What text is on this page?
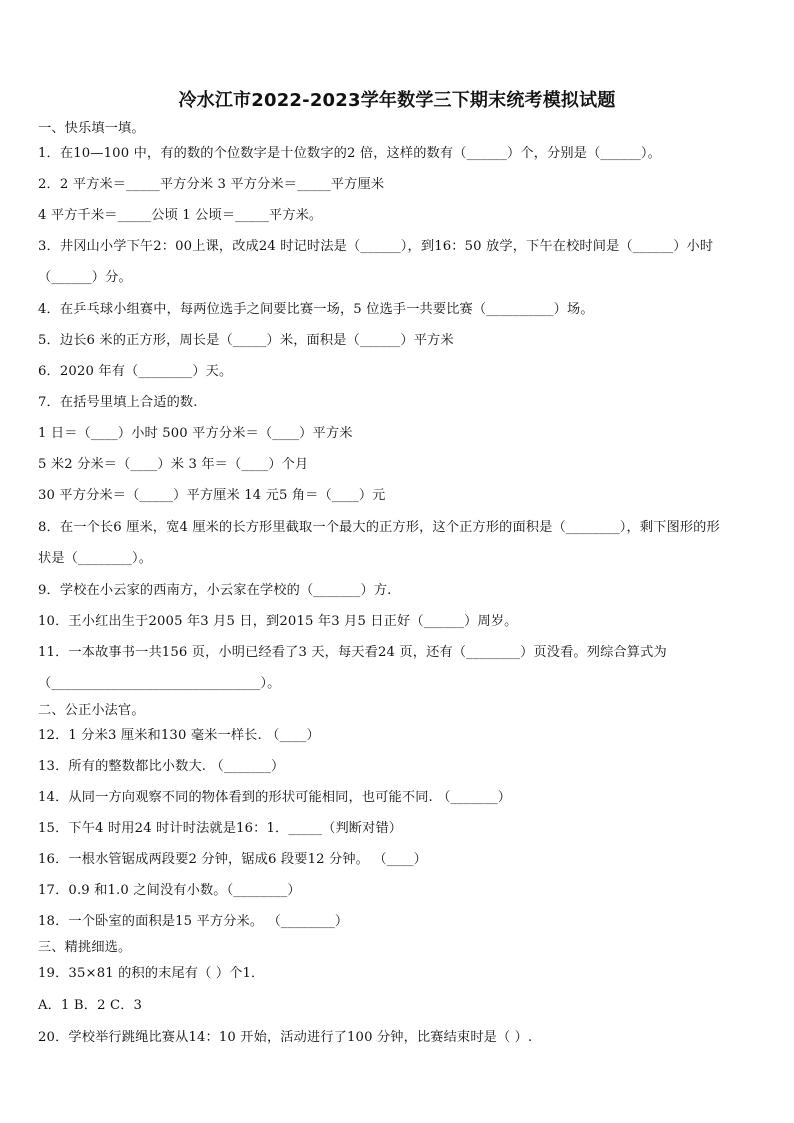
冷水江市2022-2023学年数学三下期末统考模拟试题
一、快乐填一填。
1．在10—100 中，有的数的个位数字是十位数字的2 倍，这样的数有（______）个，分别是（______）。
2．2 平方米＝_____平方分米 3 平方分米＝_____平方厘米
4 平方千米＝_____公顷 1 公顷＝_____平方米。
3．井冈山小学下午2：00上课，改成24 时记时法是（______），到16：50 放学，下午在校时间是（______）小时
（______）分。
4．在乒乓球小组赛中，每两位选手之间要比赛一场，5 位选手一共要比赛（__________）场。
5．边长6 米的正方形，周长是（_____）米，面积是（______）平方米
6．2020 年有（________）天。
7．在括号里填上合适的数.
1 日＝（____）小时 500 平方分米＝（____）平方米
5 米2 分米＝（____）米 3 年＝（____）个月
30 平方分米＝（_____）平方厘米 14 元5 角＝（____）元
8．在一个长6 厘米，宽4 厘米的长方形里截取一个最大的正方形，这个正方形的面积是（________），剩下图形的形
状是（________）。
9．学校在小云家的西南方，小云家在学校的（_______）方.
10．王小红出生于2005 年3 月5 日，到2015 年3 月5 日正好（______）周岁。
11．一本故事书一共156 页，小明已经看了3 天，每天看24 页，还有（________）页没看。列综合算式为
（_______________________________）。
二、公正小法官。
12．1 分米3 厘米和130 毫米一样长. （____）
13．所有的整数都比小数大. （_______）
14．从同一方向观察不同的物体看到的形状可能相同，也可能不同. （_______）
15．下午4 时用24 时计时法就是16：1．_____（判断对错）
16．一根水管锯成两段要2 分钟，锯成6 段要12 分钟。 （____）
17．0.9 和1.0 之间没有小数。（________）
18．一个卧室的面积是15 平方分米。 （________）
三、精挑细选。
19．35×81 的积的末尾有（ ）个1．
A．1 B．2 C．3
20．学校举行跳绳比赛从14：10 开始，活动进行了100 分钟，比赛结束时是（ ）.
